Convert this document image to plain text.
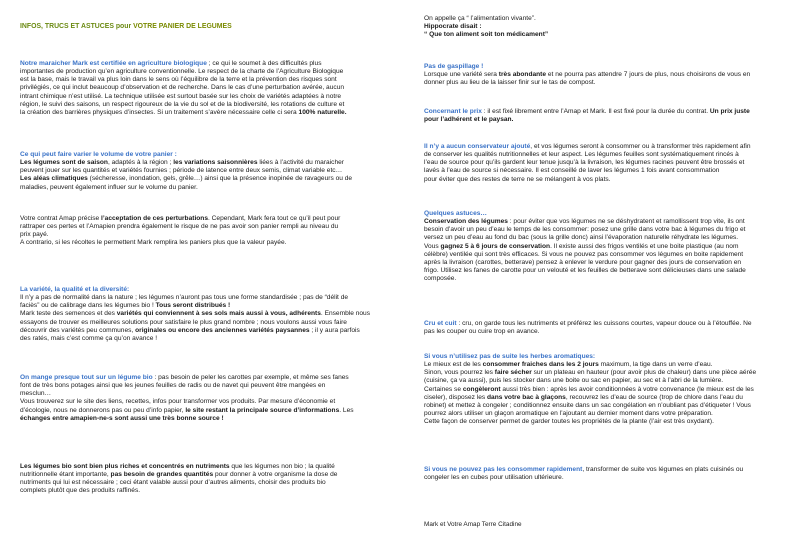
INFOS, TRUCS ET ASTUCES pour VOTRE PANIER DE LEGUMES

Notre maraicher Mark est certifiée en agriculture biologique ; ce qui le soumet à des difficultés plus

importantes de production qu’en agriculture conventionnelle. Le respect de la charte de l’Agriculture Biologique

est la base, mais le travail va plus loin dans le sens où l’équilibre de la terre et la prévention des risques sont

privilégiés, ce qui inclut beaucoup d’observation et de recherche. Dans le cas d’une perturbation avérée, aucun

intrant chimique n’est utilisé. La technique utilisée est surtout basée sur les choix de variétés adaptées à notre

région, le suivi des saisons, un respect rigoureux de la vie du sol et de la biodiversité, les rotations de culture et

la création des barrières physiques d’insectes. Si un traitement s’avère nécessaire celle ci sera 100% naturelle.

Ce qui peut faire varier le volume de votre panier :

Les légumes sont de saison, adaptés à la région ; les variations saisonnières liées à l’activité du maraicher

peuvent jouer sur les quantités et variétés fournies ; période de latence entre deux semis, climat variable etc…

Les aléas climatiques (sécheresse, inondation, gels, grêle…) ainsi que la présence inopinée de ravageurs ou de

maladies, peuvent également influer sur le volume du panier.

Votre contrat Amap précise l’acceptation de ces perturbations. Cependant, Mark fera tout ce qu’il peut pour

rattraper ces pertes et l’Amapien prendra également le risque de ne pas avoir son panier rempli au niveau du

prix payé.

A contrario, si les récoltes le permettent Mark remplira les paniers plus que la valeur payée.

La variété, la qualité et la diversité:

Il n’y a pas de normalité dans la nature ; les légumes n’auront pas tous une forme standardisée ; pas de “délit de

faciès” ou de calibrage dans les légumes bio ! Tous seront distribués !

Mark teste des semences et des variétés qui conviennent à ses sols mais aussi à vous, adhérents. Ensemble nous

essayons de trouver es meilleures solutions pour satisfaire le plus grand nombre ; nous voulons aussi vous faire

découvrir des variétés peu communes, originales ou encore des anciennes variétés paysannes ; il y aura parfois

des ratés, mais c’est comme ça qu’on avance !

On mange presque tout sur un légume bio : pas besoin de peler les carottes par exemple, et même ses fanes

font de très bons potages ainsi que les jeunes feuilles de radis ou de navet qui peuvent être mangées en

mesclun…

Vous trouverez sur le site des liens, recettes, infos pour transformer vos produits. Par mesure d’économie et

d’écologie, nous ne donnerons pas ou peu d’info papier, le site restant la principale source d’informations. Les

échanges entre amapien-ne-s sont aussi une très bonne source !

Les légumes bio sont bien plus riches et concentrés en nutriments que les légumes non bio ; la qualité

nutritionnelle étant importante, pas besoin de grandes quantités pour donner à votre organisme la dose de

nutriments qui lui est nécessaire ; ceci étant valable aussi pour d’autres aliments, choisir des produits bio

complets plutôt que des produits raffinés.

On appelle ça “ l’alimentation vivante”.

Hippocrate disait :

“ Que ton aliment soit ton médicament”

Pas de gaspillage !

Lorsque une variété sera très abondante et ne pourra pas attendre 7 jours de plus, nous choisirons de vous en

donner plus au lieu de la laisser finir sur le tas de compost.

Concernant le prix : il est fixé librement entre l’Amap et Mark. Il est fixé pour la durée du contrat. Un prix juste

pour l’adhérent et le paysan.

Il n’y a aucun conservateur ajouté, et vos légumes seront à consommer ou à transformer très rapidement afin

de conserver les qualités nutritionnelles et leur aspect. Les légumes feuilles sont systématiquement rincés à

l’eau de source pour qu’ils gardent leur tenue jusqu’à la livraison, les légumes racines peuvent être brossés et

lavés à l’eau de source si nécessaire. Il est conseillé de laver les légumes 1 fois avant consommation

pour éviter que des restes de terre ne se mélangent à vos plats.

Quelques astuces…

Conservation des légumes : pour éviter que vos légumes ne se déshydratent et ramollissent trop vite, ils ont

besoin d’avoir un peu d’eau le temps de les consommer: posez une grille dans votre bac à légumes du frigo et

versez un peu d’eau au fond du bac (sous la grille donc) ainsi l’évaporation naturelle réhydrate les légumes.

Vous gagnez 5 à 6 jours de conservation. Il existe aussi des frigos ventilés et une boite plastique (au nom

célèbre) ventilée qui sont très efficaces. Si vous ne pouvez pas consommer vos légumes en boite rapidement

après la livraison (carottes, betterave) pensez à enlever le verdure pour gagner des jours de conservation en

frigo. Utilisez les fanes de carotte pour un velouté et les feuilles de betterave sont délicieuses dans une salade

composée.

Cru et cuit : cru, on garde tous les nutriments et préférez les cuissons courtes, vapeur douce ou à l’étouffée. Ne

pas les couper ou cuire trop en avance.

Si vous n’utilisez pas de suite les herbes aromatiques:

Le mieux est de les consommer fraiches dans les 2 jours maximum, la tige dans un verre d’eau.

Sinon, vous pourrez les faire sécher sur un plateau en hauteur (pour avoir plus de chaleur) dans une pièce aérée

(cuisine, ça va aussi), puis les stocker dans une boite ou sac en papier, au sec et à l’abri de la lumière.

Certaines se congèleront aussi très bien : après les avoir conditionnées à votre convenance (le mieux est de les

ciseler), disposez les dans votre bac à glaçons, recouvrez les d’eau de source (trop de chlore dans l’eau du

robinet) et mettez à congeler ; conditionnez ensuite dans un sac congélation en n’oubliant pas d’étiqueter ! Vous

pourrez alors utiliser un glaçon aromatique en l’ajoutant au dernier moment dans votre préparation.

Cette façon de conserver permet de garder toutes les propriétés de la plante (l’air est très oxydant).

Si vous ne pouvez pas les consommer rapidement, transformer de suite vos légumes en plats cuisinés ou

congeler les en cubes pour utilisation ultérieure.

Mark et Votre Amap Terre Citadine
